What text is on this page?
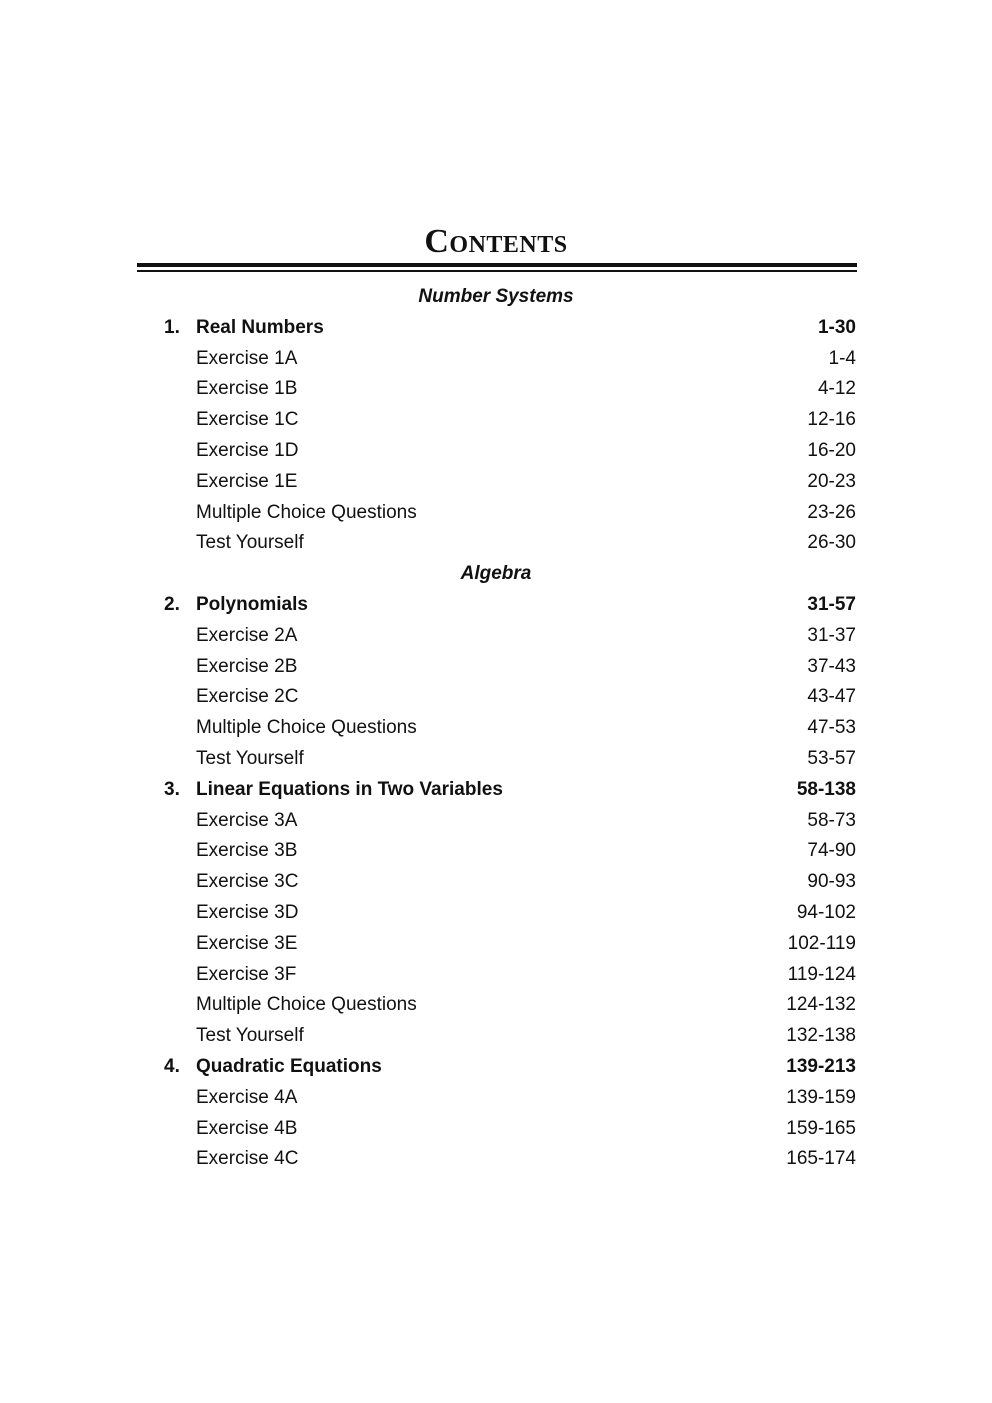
Contents
Number Systems
1. Real Numbers	1-30
Exercise 1A	1-4
Exercise 1B	4-12
Exercise 1C	12-16
Exercise 1D	16-20
Exercise 1E	20-23
Multiple Choice Questions	23-26
Test Yourself	26-30
Algebra
2. Polynomials	31-57
Exercise 2A	31-37
Exercise 2B	37-43
Exercise 2C	43-47
Multiple Choice Questions	47-53
Test Yourself	53-57
3. Linear Equations in Two Variables	58-138
Exercise 3A	58-73
Exercise 3B	74-90
Exercise 3C	90-93
Exercise 3D	94-102
Exercise 3E	102-119
Exercise 3F	119-124
Multiple Choice Questions	124-132
Test Yourself	132-138
4. Quadratic Equations	139-213
Exercise 4A	139-159
Exercise 4B	159-165
Exercise 4C	165-174
